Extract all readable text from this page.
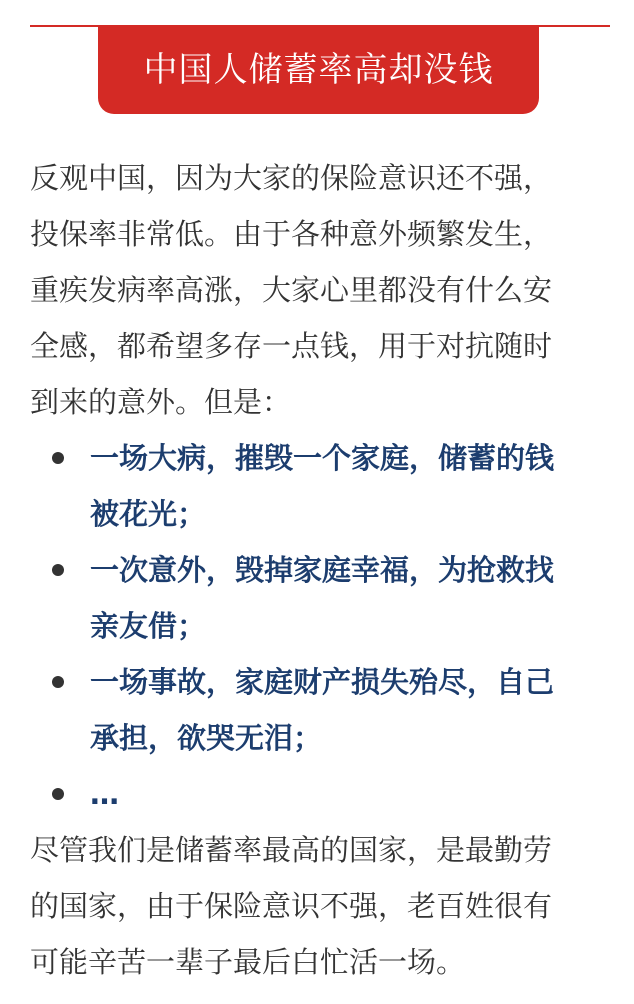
中国人储蓄率高却没钱

反观中国，因为大家的保险意识还不强，
投保率非常低。由于各种意外频繁发生，
重疾发病率高涨，大家心里都没有什么安
全感，都希望多存一点钱，用于对抗随时
到来的意外。但是：

一场大病，摧毁一个家庭，储蓄的钱
被花光；
一次意外，毁掉家庭幸福，为抢救找
亲友借；
一场事故，家庭财产损失殆尽，自己
承担，欲哭无泪；
…

尽管我们是储蓄率最高的国家，是最勤劳
的国家，由于保险意识不强，老百姓很有
可能辛苦一辈子最后白忙活一场。
